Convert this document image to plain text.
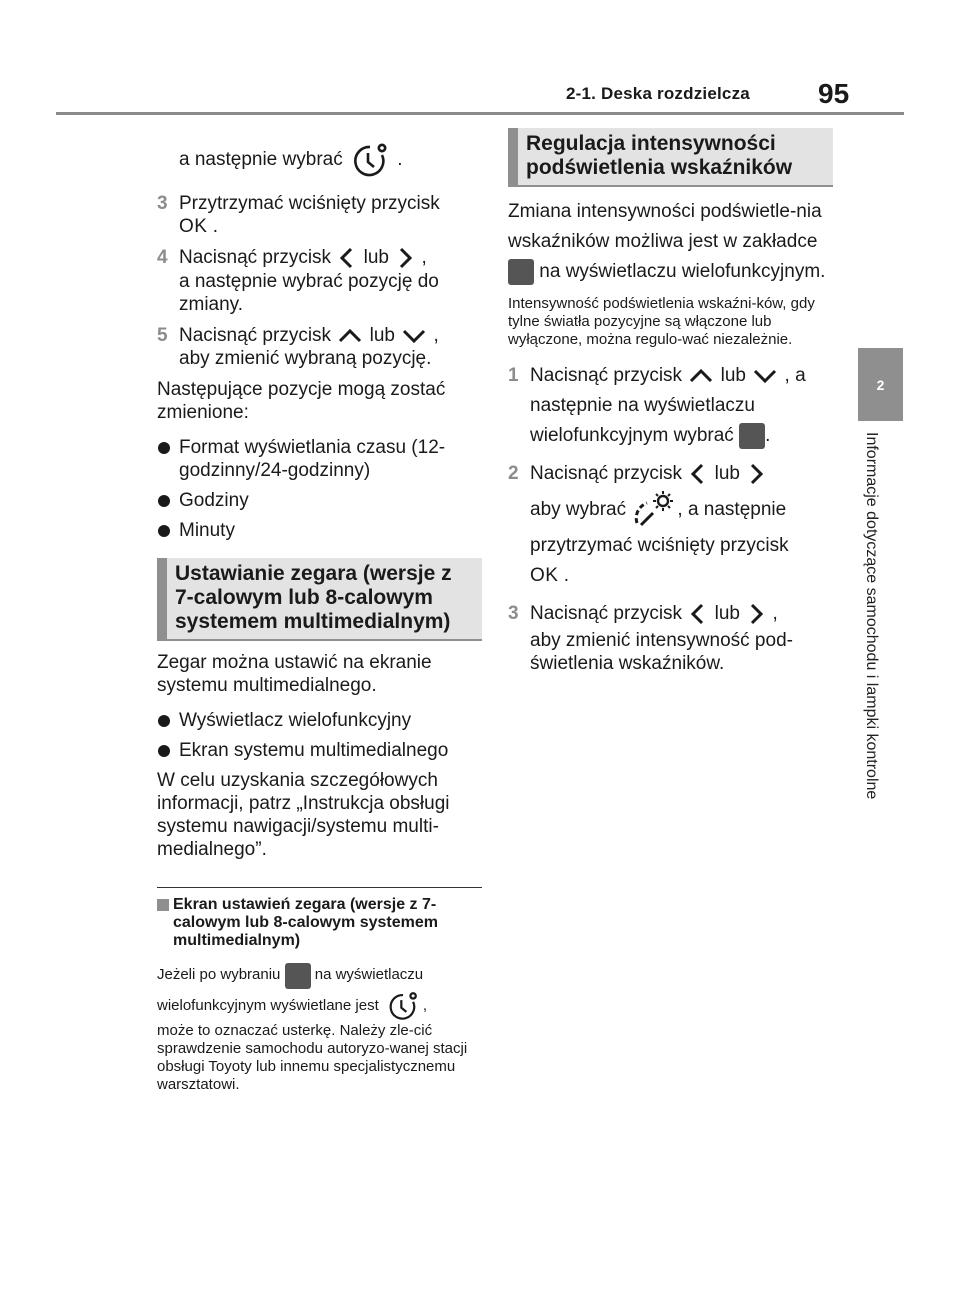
2-1. Deska rozdzielcza 95
2
Informacje dotyczące samochodu i lampki kontrolne

a następnie wybrać	.

3 Przytrzymać wciśnięty przycisk
OK .

4 Nacisnąć przycisk lub ,
a następnie wybrać pozycję do zmiany.

5 Nacisnąć przycisk lub ,
aby zmienić wybraną pozycję.

Następujące pozycje mogą zostać zmienione:

Format wyświetlania czasu (12-godzinny/24-godzinny)

Godziny

Minuty

Ustawianie zegara (wersje z 7-calowym lub 8-calowym systemem multimedialnym)

Zegar można ustawić na ekranie systemu multimedialnego.

Wyświetlacz wielofunkcyjny

Ekran systemu multimedialnego

W celu uzyskania szczegółowych informacji, patrz „Instrukcja obsługi systemu nawigacji/systemu multi-medialnego”.

Ekran ustawień zegara (wersje z 7-calowym lub 8-calowym systemem multimedialnym)

Jeżeli po wybraniu na wyświetlaczu wielofunkcyjnym wyświetlane jest	,

może to oznaczać usterkę. Należy zle-cić sprawdzenie samochodu autoryzo-wanej stacji obsługi Toyoty lub innemu specjalistycznemu warsztatowi.

Regulacja intensywności podświetlenia wskaźników

Zmiana intensywności podświetle-nia wskaźników możliwa jest w zakładce  na wyświetlaczu wielofunkcyjnym.

Intensywność podświetlenia wskaźni-ków, gdy tylne światła pozycyjne są włączone lub wyłączone, można regulo-wać niezależnie.

1 Nacisnąć przycisk lub , a następnie na wyświetlaczu wielofunkcyjnym wybrać .

2 Nacisnąć przycisk lub
aby wybrać	, a następnie przytrzymać wciśnięty przycisk
OK .

3 Nacisnąć przycisk lub ,
aby zmienić intensywność pod-świetlenia wskaźników.
